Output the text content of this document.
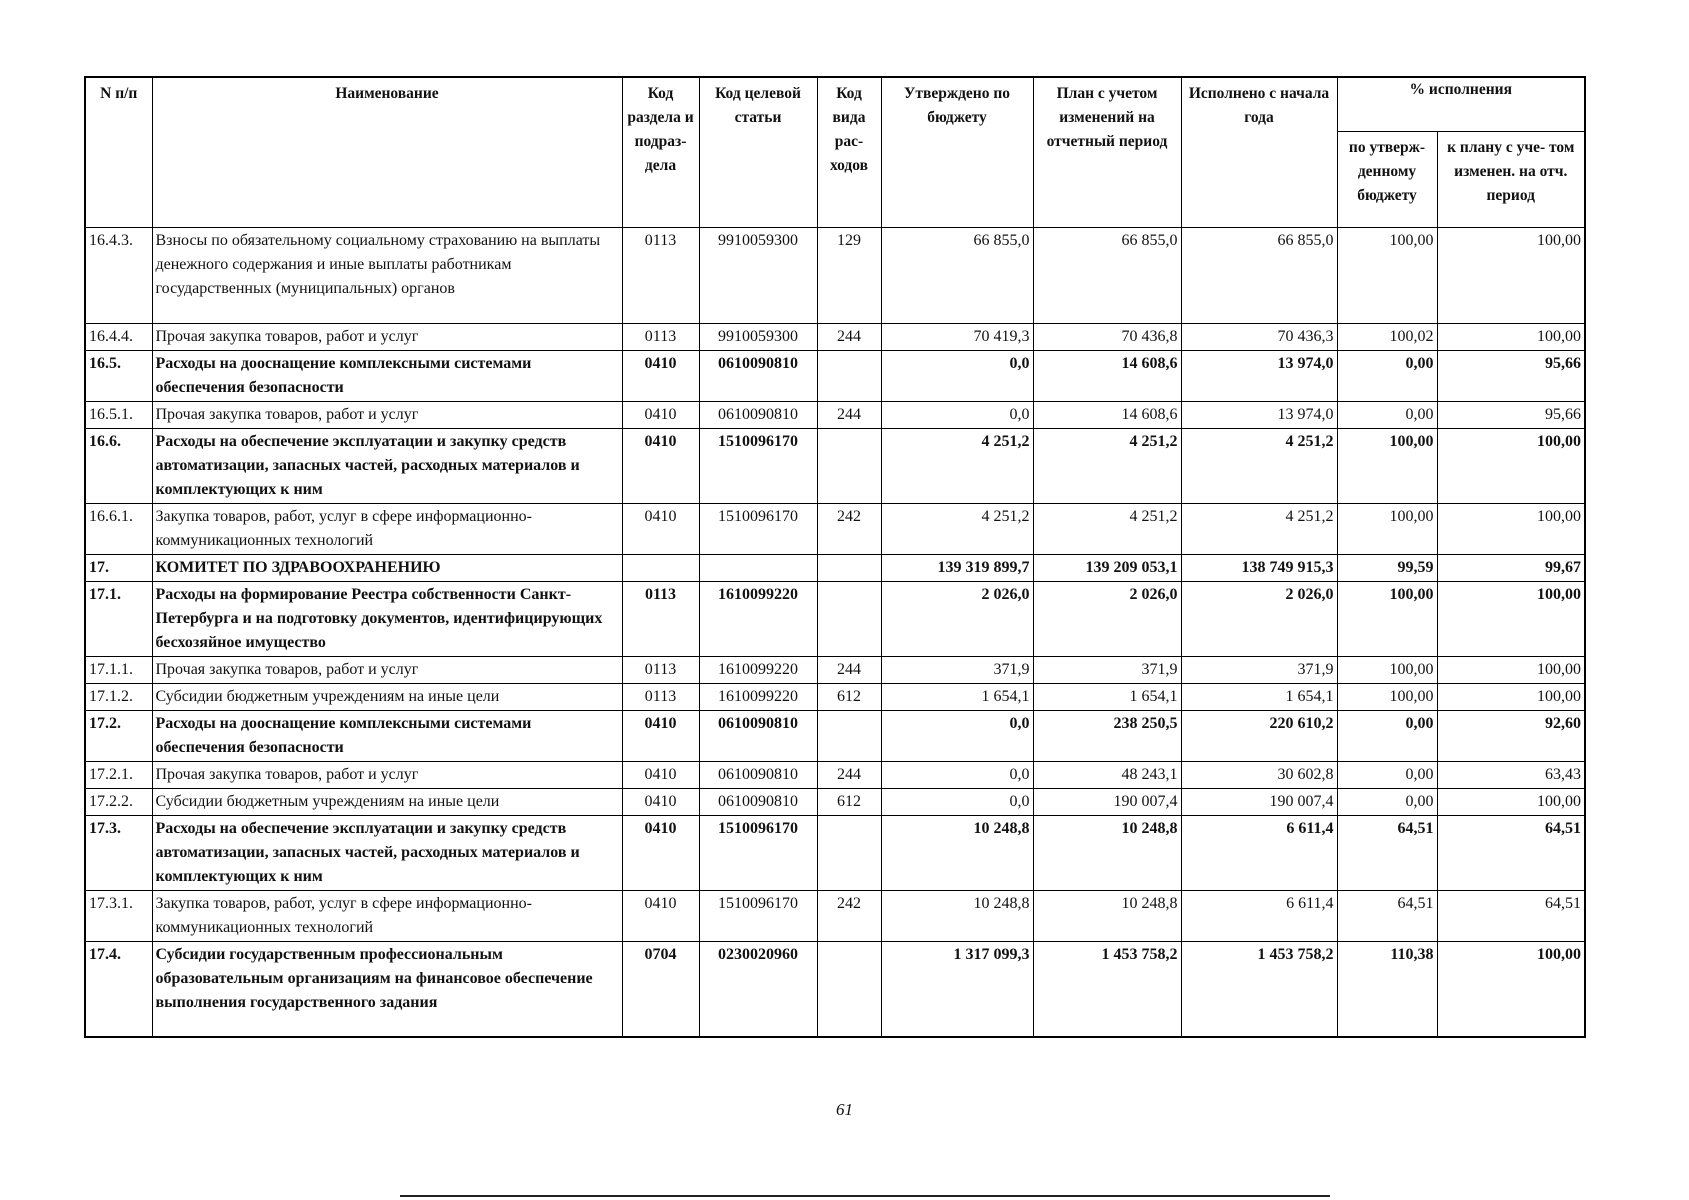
N п/п	Наименование	Код раздела и подраз- дела	Код целевой статьи	Код вида рас- ходов	Утверждено по бюджету	План с учетом изменений на отчетный период	Исполнено с начала года	% исполнения	
								по утверж- денному бюджету	к плану с уче- том изменен. на отч. период
16.4.3.	Взносы по обязательному социальному страхованию на выплаты денежного содержания и иные выплаты работникам государственных (муниципальных) органов	0113	9910059300	129	66 855,0	66 855,0	66 855,0	100,00	100,00
16.4.4.	Прочая закупка товаров, работ и услуг	0113	9910059300	244	70 419,3	70 436,8	70 436,3	100,02	100,00
16.5.	Расходы на дооснащение комплексными системами обеспечения безопасности	0410	0610090810		0,0	14 608,6	13 974,0	0,00	95,66
16.5.1.	Прочая закупка товаров, работ и услуг	0410	0610090810	244	0,0	14 608,6	13 974,0	0,00	95,66
16.6.	Расходы на обеспечение эксплуатации и закупку средств автоматизации, запасных частей, расходных материалов и комплектующих к ним	0410	1510096170		4 251,2	4 251,2	4 251,2	100,00	100,00
16.6.1.	Закупка товаров, работ, услуг в сфере информационно-коммуникационных технологий	0410	1510096170	242	4 251,2	4 251,2	4 251,2	100,00	100,00
17.	КОМИТЕТ ПО ЗДРАВООХРАНЕНИЮ				139 319 899,7	139 209 053,1	138 749 915,3	99,59	99,67
17.1.	Расходы на формирование Реестра собственности Санкт-Петербурга и на подготовку документов, идентифицирующих бесхозяйное имущество	0113	1610099220		2 026,0	2 026,0	2 026,0	100,00	100,00
17.1.1.	Прочая закупка товаров, работ и услуг	0113	1610099220	244	371,9	371,9	371,9	100,00	100,00
17.1.2.	Субсидии бюджетным учреждениям на иные цели	0113	1610099220	612	1 654,1	1 654,1	1 654,1	100,00	100,00
17.2.	Расходы на дооснащение комплексными системами обеспечения безопасности	0410	0610090810		0,0	238 250,5	220 610,2	0,00	92,60
17.2.1.	Прочая закупка товаров, работ и услуг	0410	0610090810	244	0,0	48 243,1	30 602,8	0,00	63,43
17.2.2.	Субсидии бюджетным учреждениям на иные цели	0410	0610090810	612	0,0	190 007,4	190 007,4	0,00	100,00
17.3.	Расходы на обеспечение эксплуатации и закупку средств автоматизации, запасных частей, расходных материалов и комплектующих к ним	0410	1510096170		10 248,8	10 248,8	6 611,4	64,51	64,51
17.3.1.	Закупка товаров, работ, услуг в сфере информационно-коммуникационных технологий	0410	1510096170	242	10 248,8	10 248,8	6 611,4	64,51	64,51
17.4.	Субсидии государственным профессиональным образовательным организациям на финансовое обеспечение выполнения государственного задания	0704	0230020960		1 317 099,3	1 453 758,2	1 453 758,2	110,38	100,00
61
